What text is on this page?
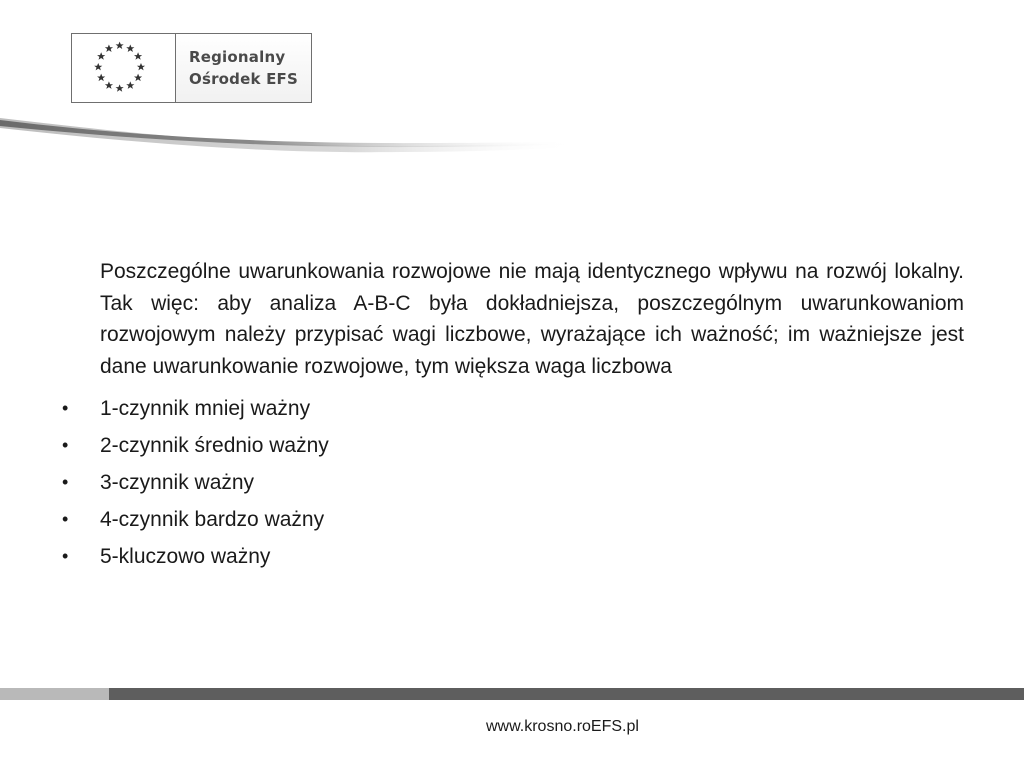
Regionalny
Ośrodek EFS

Poszczególne uwarunkowania rozwojowe nie mają identycznego wpływu na rozwój lokalny. Tak więc: aby analiza A-B-C była dokładniejsza, poszczególnym uwarunkowaniom rozwojowym należy przypisać wagi liczbowe, wyrażające ich ważność; im ważniejsze jest dane uwarunkowanie rozwojowe, tym większa waga liczbowa

• 1-czynnik mniej ważny
• 2-czynnik średnio ważny
• 3-czynnik ważny
• 4-czynnik bardzo ważny
• 5-kluczowo ważny
www.krosno.roEFS.pl
